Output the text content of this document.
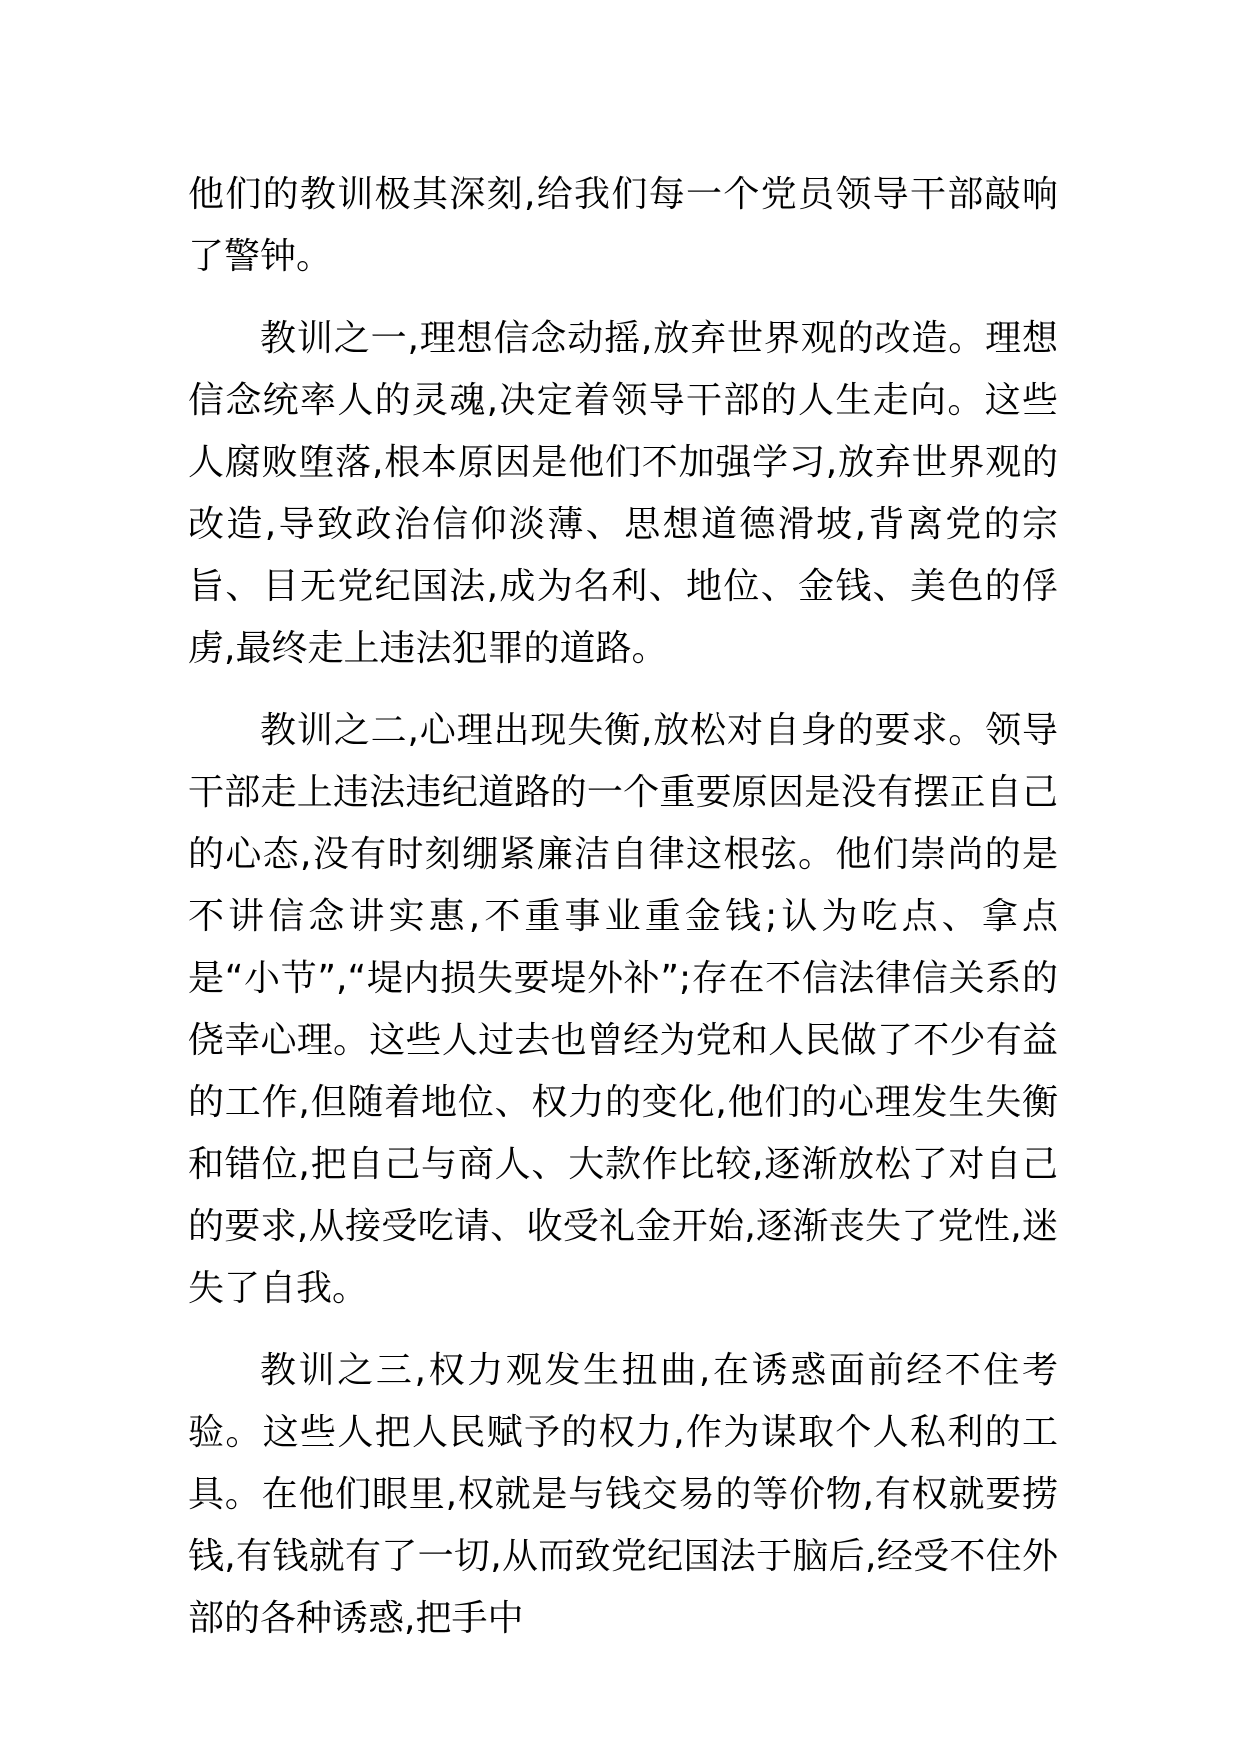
他们的教训极其深刻,给我们每一个党员领导干部敲响了警钟。

教训之一,理想信念动摇,放弃世界观的改造。理想信念统率人的灵魂,决定着领导干部的人生走向。这些人腐败堕落,根本原因是他们不加强学习,放弃世界观的改造,导致政治信仰淡薄、思想道德滑坡,背离党的宗旨、目无党纪国法,成为名利、地位、金钱、美色的俘虏,最终走上违法犯罪的道路。

教训之二,心理出现失衡,放松对自身的要求。领导干部走上违法违纪道路的一个重要原因是没有摆正自己的心态,没有时刻绷紧廉洁自律这根弦。他们崇尚的是不讲信念讲实惠,不重事业重金钱;认为吃点、拿点是“小节”,“堤内损失要堤外补”;存在不信法律信关系的侥幸心理。这些人过去也曾经为党和人民做了不少有益的工作,但随着地位、权力的变化,他们的心理发生失衡和错位,把自己与商人、大款作比较,逐渐放松了对自己的要求,从接受吃请、收受礼金开始,逐渐丧失了党性,迷失了自我。

教训之三,权力观发生扭曲,在诱惑面前经不住考验。这些人把人民赋予的权力,作为谋取个人私利的工具。在他们眼里,权就是与钱交易的等价物,有权就要捞钱,有钱就有了一切,从而致党纪国法于脑后,经受不住外部的各种诱惑,把手中
